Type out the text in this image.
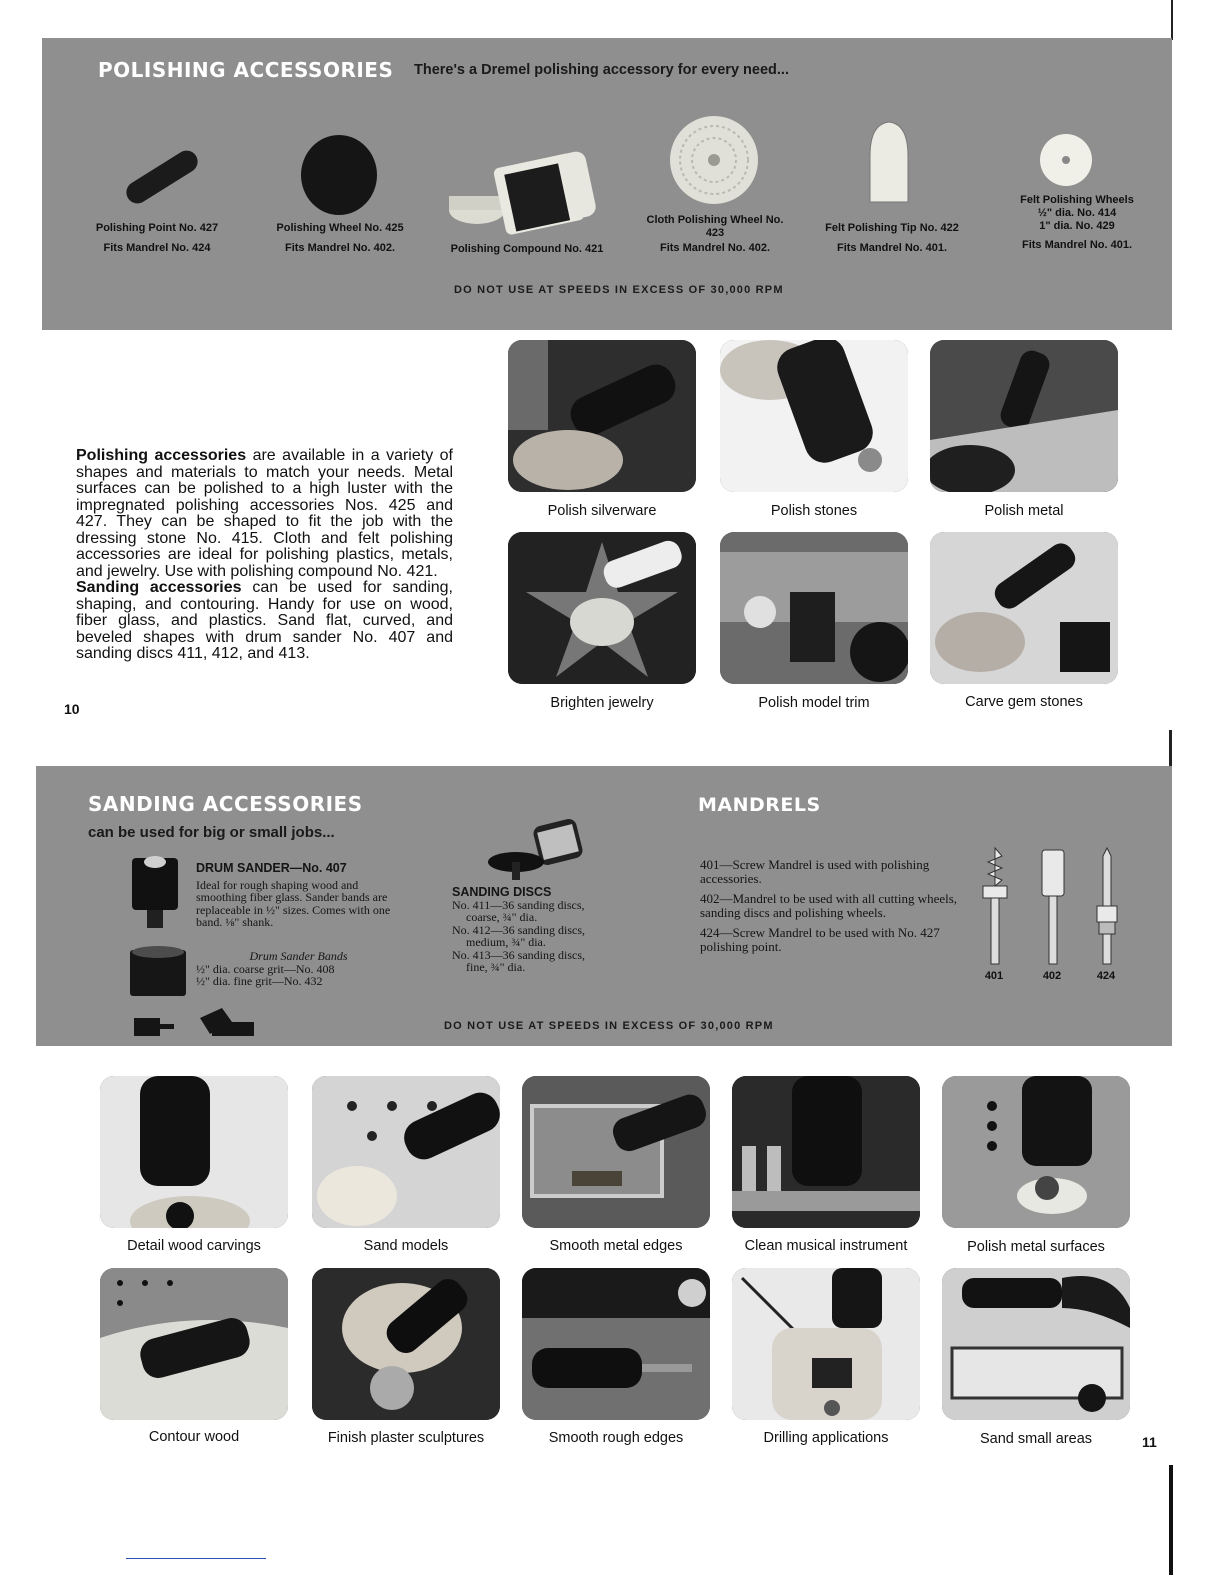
POLISHING ACCESSORIES There's a Dremel polishing accessory for every need...
Polishing Point No. 427
Fits Mandrel No. 424
Polishing Wheel No. 425
Fits Mandrel No. 402.	Polishing Compound No. 421
Cloth Polishing Wheel No. 423
Fits Mandrel No. 402.
Felt Polishing Tip No. 422
Fits Mandrel No. 401.
Felt Polishing Wheels
½" dia. No. 414
1" dia. No. 429
Fits Mandrel No. 401.
DO NOT USE AT SPEEDS IN EXCESS OF 30,000 RPM
Polishing accessories are available in a variety of shapes and materials to match your needs. Metal surfaces can be polished to a high luster with the impregnated polishing accessories Nos. 425 and 427. They can be shaped to fit the job with the dressing stone No. 415. Cloth and felt polishing accessories are ideal for polishing plastics, metals, and jewelry. Use with polishing compound No. 421.
Sanding accessories can be used for sanding, shaping, and contouring. Handy for use on wood, fiber glass, and plastics. Sand flat, curved, and beveled shapes with drum sander No. 407 and sanding discs 411, 412, and 413.
10
Polish silverware	Polish stones	Polish metal
Brighten jewelry	Polish model trim	Carve gem stones
SANDING ACCESSORIES
can be used for big or small jobs...
DRUM SANDER—No. 407
Ideal for rough shaping wood and smoothing fiber glass. Sander bands are replaceable in ½" sizes. Comes with one band. ⅛" shank.
Drum Sander Bands
½" dia. coarse grit—No. 408
½" dia. fine grit—No. 432
SANDING DISCS
No. 411—36 sanding discs,
coarse, ¾" dia.
No. 412—36 sanding discs,
medium, ¾" dia.
No. 413—36 sanding discs,
fine, ¾" dia.
MANDRELS
401—Screw Mandrel is used with polishing accessories.
402—Mandrel to be used with all cutting wheels, sanding discs and polishing wheels.
424—Screw Mandrel to be used with No. 427 polishing point.
401	402	424
DO NOT USE AT SPEEDS IN EXCESS OF 30,000 RPM
Detail wood carvings	Sand models	Smooth metal edges	Clean musical instrument	Polish metal surfaces
Contour wood	Finish plaster sculptures	Smooth rough edges	Drilling applications	Sand small areas	11
